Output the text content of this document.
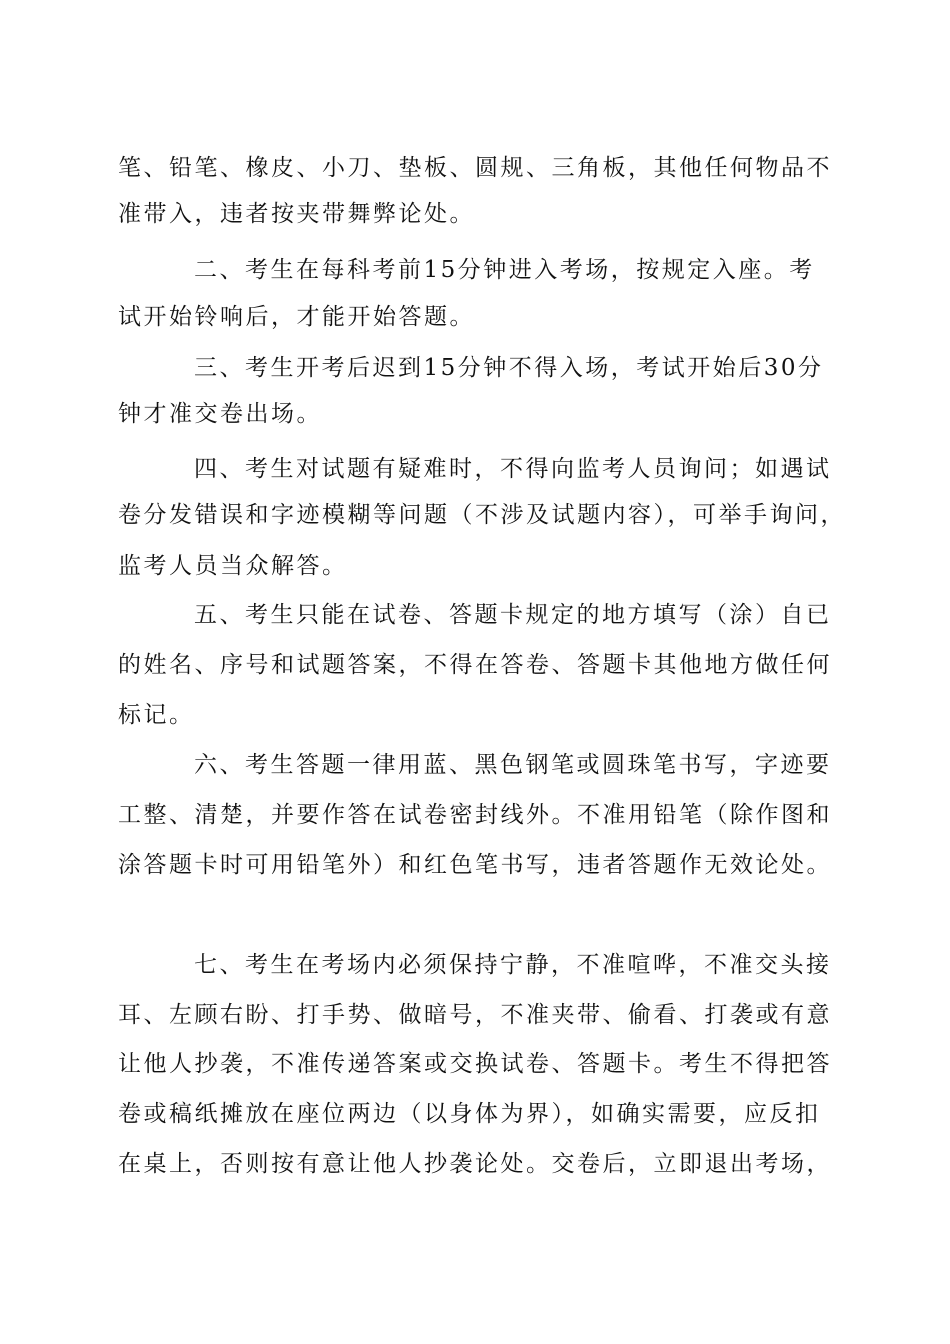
笔、铅笔、橡皮、小刀、垫板、圆规、三角板，其他任何物品不

准带入，违者按夹带舞弊论处。

二、考生在每科考前15分钟进入考场，按规定入座。考

试开始铃响后，才能开始答题。

三、考生开考后迟到15分钟不得入场，考试开始后30分

钟才准交卷出场。

四、考生对试题有疑难时，不得向监考人员询问；如遇试

卷分发错误和字迹模糊等问题（不涉及试题内容），可举手询问，

监考人员当众解答。

五、考生只能在试卷、答题卡规定的地方填写（涂）自已

的姓名、序号和试题答案，不得在答卷、答题卡其他地方做任何

标记。

六、考生答题一律用蓝、黑色钢笔或圆珠笔书写，字迹要

工整、清楚，并要作答在试卷密封线外。不准用铅笔（除作图和

涂答题卡时可用铅笔外）和红色笔书写，违者答题作无效论处。

七、考生在考场内必须保持宁静，不准喧哗，不准交头接

耳、左顾右盼、打手势、做暗号，不准夹带、偷看、打袭或有意

让他人抄袭，不准传递答案或交换试卷、答题卡。考生不得把答

卷或稿纸摊放在座位两边（以身体为界），如确实需要，应反扣

在桌上，否则按有意让他人抄袭论处。交卷后，立即退出考场，
